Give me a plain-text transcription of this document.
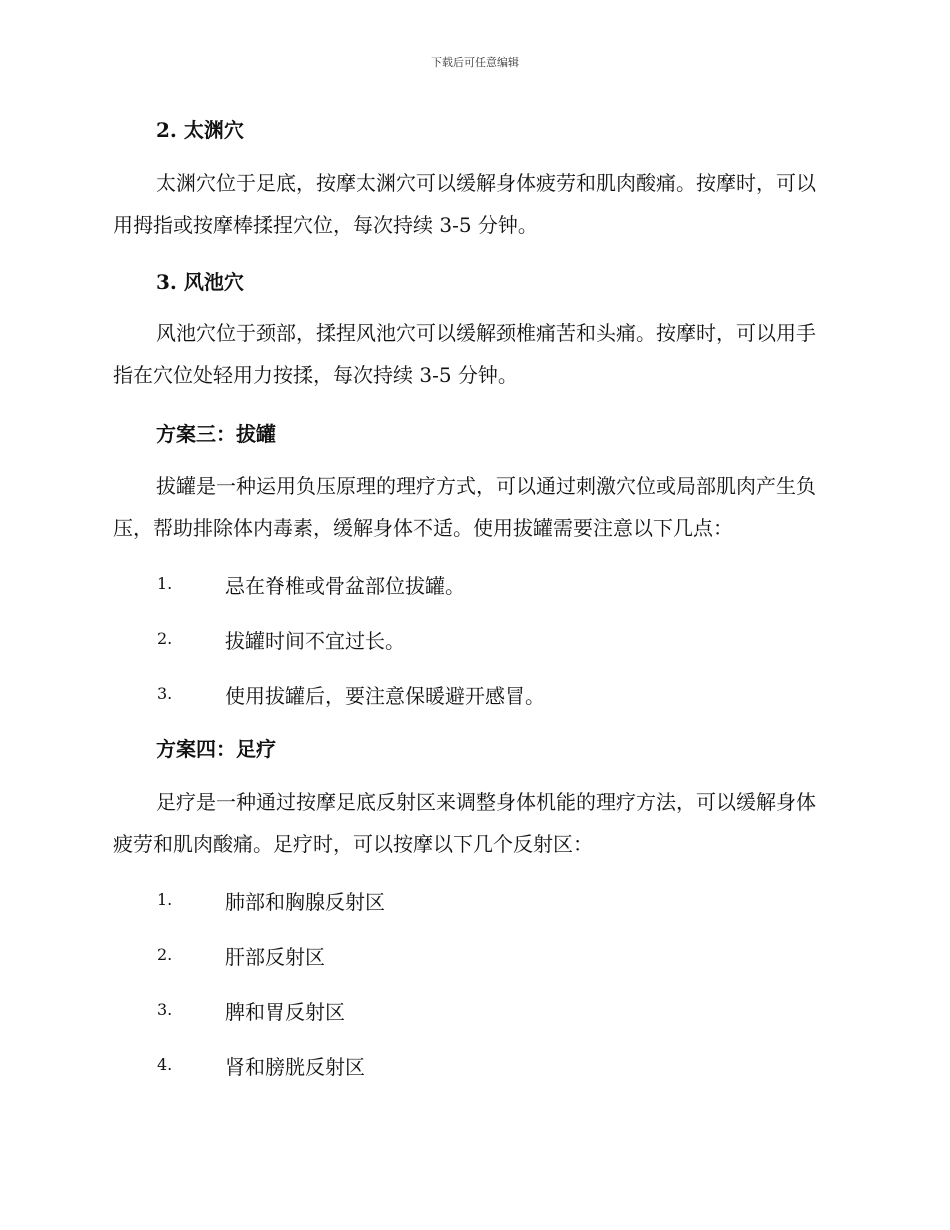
下载后可任意编辑
2. 太渊穴

太渊穴位于足底，按摩太渊穴可以缓解身体疲劳和肌肉酸痛。按摩时，可以用拇指或按摩棒揉捏穴位，每次持续 3-5 分钟。

3. 风池穴

风池穴位于颈部，揉捏风池穴可以缓解颈椎痛苦和头痛。按摩时，可以用手指在穴位处轻用力按揉，每次持续 3-5 分钟。

方案三：拔罐

拔罐是一种运用负压原理的理疗方式，可以通过刺激穴位或局部肌肉产生负压，帮助排除体内毒素，缓解身体不适。使用拔罐需要注意以下几点：

1.	忌在脊椎或骨盆部位拔罐。
2.	拔罐时间不宜过长。
3.	使用拔罐后，要注意保暖避开感冒。
方案四：足疗

足疗是一种通过按摩足底反射区来调整身体机能的理疗方法，可以缓解身体疲劳和肌肉酸痛。足疗时，可以按摩以下几个反射区：

1.	肺部和胸腺反射区
2.	肝部反射区
3.	脾和胃反射区
4.	肾和膀胱反射区
